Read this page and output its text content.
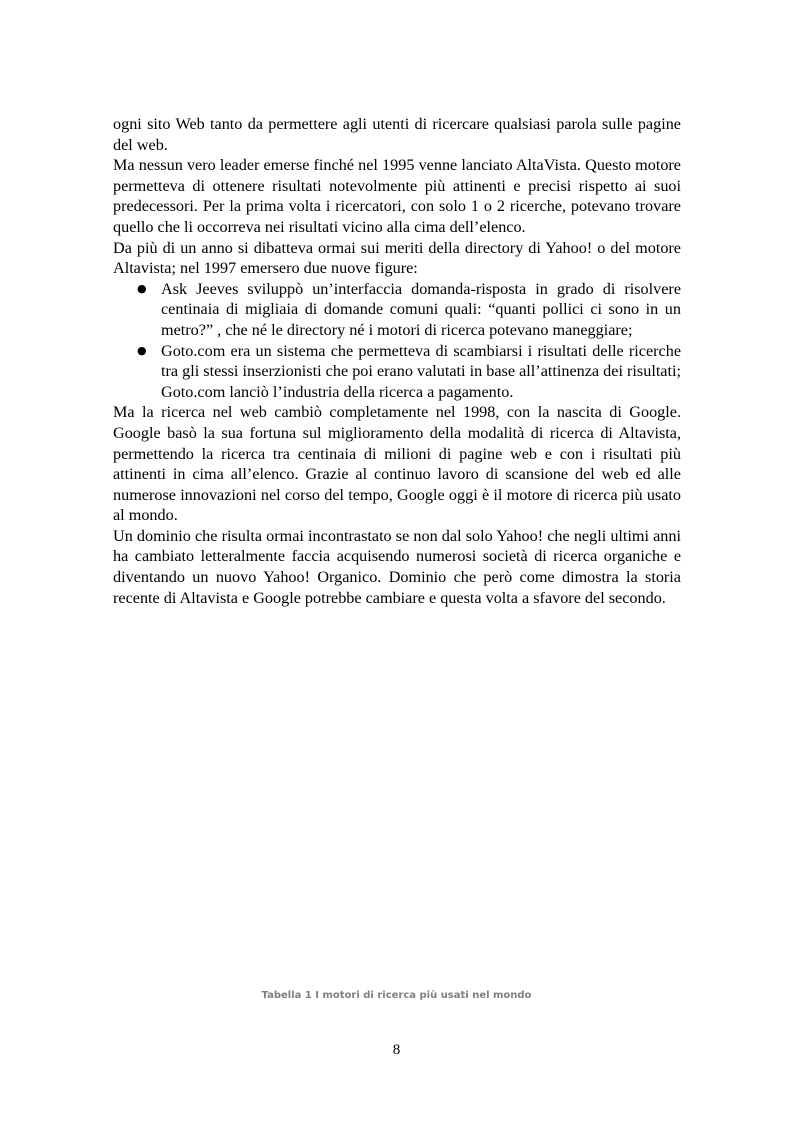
ogni sito Web tanto da permettere agli utenti di ricercare qualsiasi parola sulle pagine del web.

Ma nessun vero leader emerse finché nel 1995 venne lanciato AltaVista. Questo motore permetteva di ottenere risultati notevolmente più attinenti e precisi rispetto ai suoi predecessori. Per la prima volta i ricercatori, con solo 1 o 2 ricerche, potevano trovare quello che li occorreva nei risultati vicino alla cima dell’elenco.

Da più di un anno si dibatteva ormai sui meriti della directory di Yahoo! o del motore Altavista; nel 1997 emersero due nuove figure:

● Ask Jeeves sviluppò un’interfaccia domanda-risposta in grado di risolvere centinaia di migliaia di domande comuni quali: “quanti pollici ci sono in un metro?” , che né le directory né i motori di ricerca potevano maneggiare;
● Goto.com era un sistema che permetteva di scambiarsi i risultati delle ricerche tra gli stessi inserzionisti che poi erano valutati in base all’attinenza dei risultati; Goto.com lanciò l’industria della ricerca a pagamento.

Ma la ricerca nel web cambiò completamente nel 1998, con la nascita di Google. Google basò la sua fortuna sul miglioramento della modalità di ricerca di Altavista, permettendo la ricerca tra centinaia di milioni di pagine web e con i risultati più attinenti in cima all’elenco. Grazie al continuo lavoro di scansione del web ed alle numerose innovazioni nel corso del tempo, Google oggi è il motore di ricerca più usato al mondo.

Un dominio che risulta ormai incontrastato se non dal solo Yahoo! che negli ultimi anni ha cambiato letteralmente faccia acquisendo numerosi società di ricerca organiche e diventando un nuovo Yahoo! Organico. Dominio che però come dimostra la storia recente di Altavista e Google potrebbe cambiare e questa volta a sfavore del secondo.

Tabella 1 I motori di ricerca più usati nel mondo
8
